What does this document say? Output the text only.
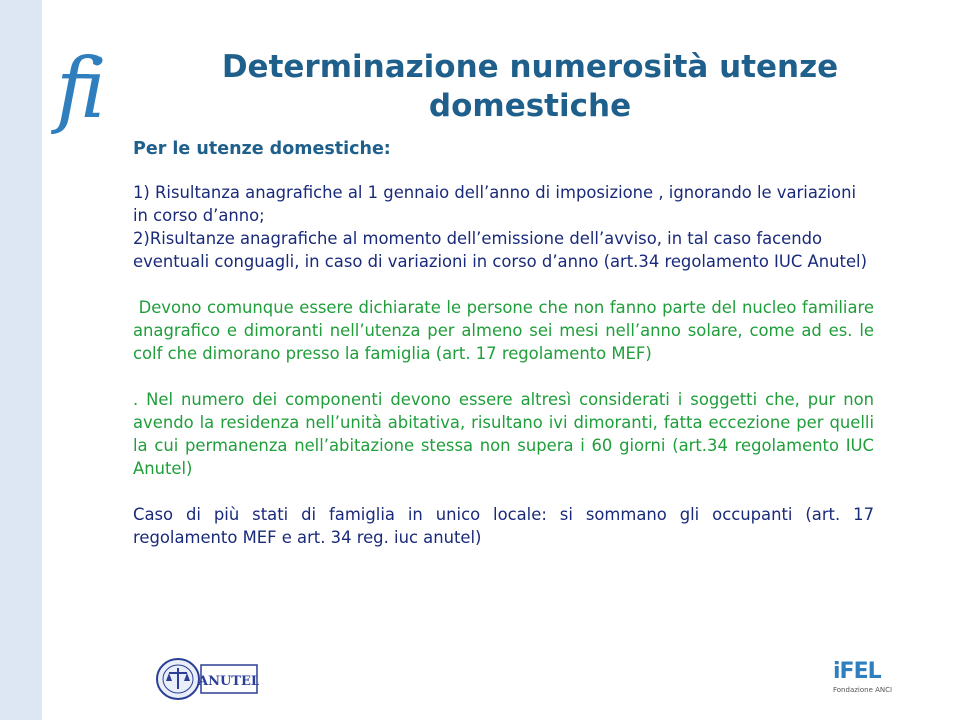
fi	Determinazione numerosità utenze domestiche

Per le utenze domestiche:

1) Risultanza anagrafiche al 1 gennaio dell’anno di imposizione , ignorando le variazioni in corso d’anno;

2)Risultanze anagrafiche al momento dell’emissione dell’avviso, in tal caso facendo eventuali conguagli, in caso di variazioni in corso d’anno (art.34 regolamento IUC Anutel)

Devono comunque essere dichiarate le persone che non fanno parte del nucleo familiare anagrafico e dimoranti nell’utenza per almeno sei mesi nell’anno solare, come ad es. le colf che dimorano presso la famiglia (art. 17 regolamento MEF)

. Nel numero dei componenti devono essere altresì considerati i soggetti che, pur non avendo la residenza nell’unità abitativa, risultano ivi dimoranti, fatta eccezione per quelli la cui permanenza nell’abitazione stessa non supera i 60 giorni (art.34 regolamento IUC Anutel)

Caso di più stati di famiglia in unico locale: si sommano gli occupanti (art. 17 regolamento MEF e art. 34 reg. iuc anutel)

ANUTEL	iFEL
Fondazione ANCI
